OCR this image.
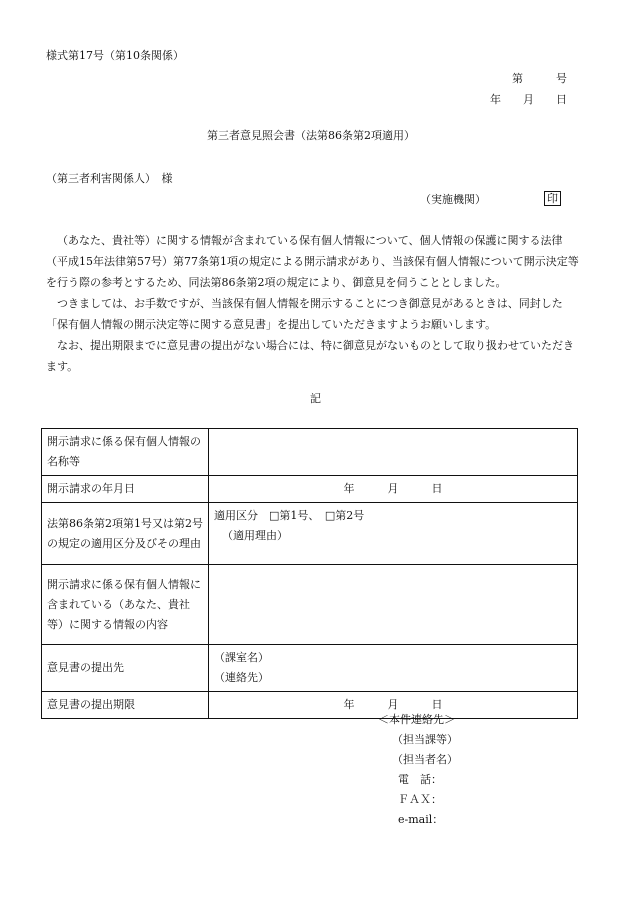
様式第17号（第10条関係）
第　　　号
年　　月　　日
第三者意見照会書（法第86条第2項適用）
（第三者利害関係人）　様
（実施機関）	印

（あなた、貴社等）に関する情報が含まれている保有個人情報について、個人情報の保護に関する法律（平成15年法律第57号）第77条第1項の規定による開示請求があり、当該保有個人情報について開示決定等を行う際の参考とするため、同法第86条第2項の規定により、御意見を伺うこととしました。

つきましては、お手数ですが、当該保有個人情報を開示することにつき御意見があるときは、同封した「保有個人情報の開示決定等に関する意見書」を提出していただきますようお願いします。

なお、提出期限までに意見書の提出がない場合には、特に御意見がないものとして取り扱わせていただきます。

記
開示請求に係る保有個人情報の名称等	
開示請求の年月日	年　　　月　　　日
法第86条第2項第1号又は第2号の規定の適用区分及びその理由	適用区分　□第1号、　□第2号
（適用理由）

開示請求に係る保有個人情報に含まれている（あなた、貴社等）に関する情報の内容	
意見書の提出先	（課室名）
（連絡先）

意見書の提出期限	年　　　月　　　日
＜本件連絡先＞
（担当課等）
（担当者名）
電　話：
ＦＡＸ：
e-mail：
